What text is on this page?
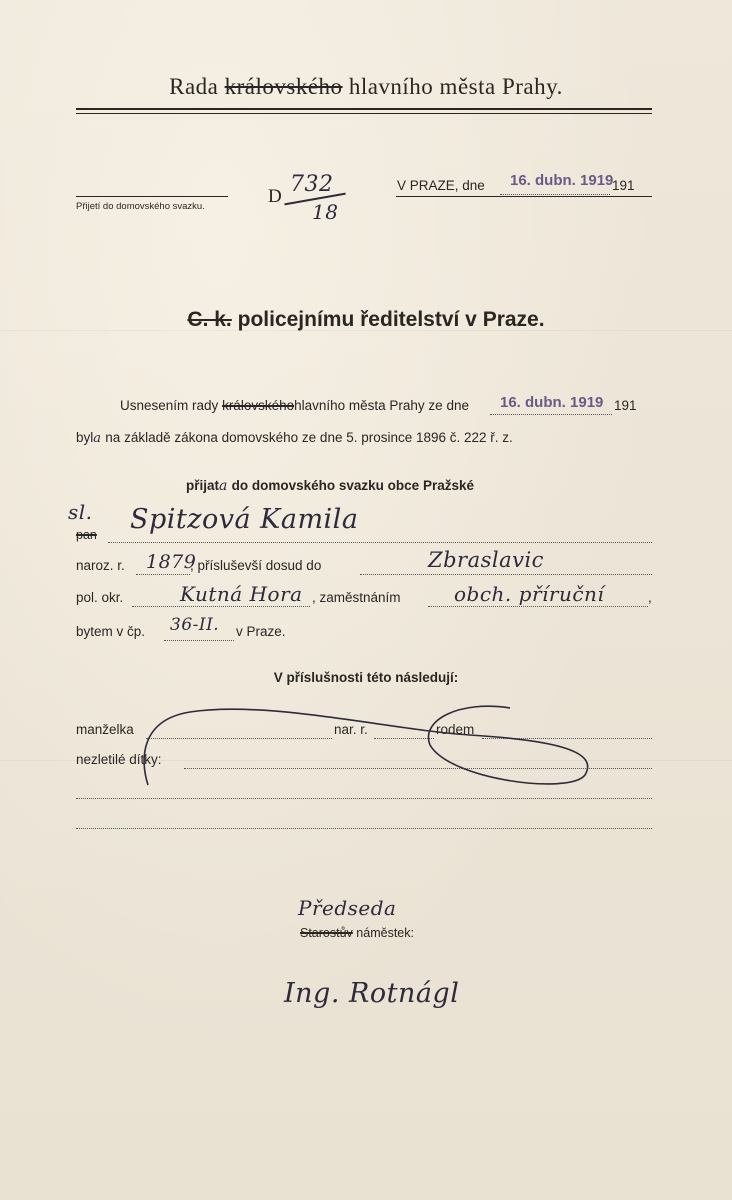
Rada královského hlavního města Prahy.
Přijetí do domovského svazku.	D 732
18
V PRAZE, dne 16. dubn. 1919
191
C. k. policejnímu ředitelství v Praze.
Usnesením rady královskéhohlavního města Prahy ze dne 16. dubn. 1919 191
byla na základě zákona domovského ze dne 5. prosince 1896 č. 222 ř. z.
přijata do domovského svazku obce Pražské
sl.
pan Spitzová Kamila
naroz. r. 1879
, přísluševší dosud do	Zbraslavic
pol. okr.	Kutná Hora , zaměstnáním	obch. příruční	,
bytem v čp. 36-II. v Praze.
V příslušnosti této následují:
manželka	nar. r.	rodem
nezletilé dítky:
Předseda
Starostův náměstek:
Ing. Rotnágl
